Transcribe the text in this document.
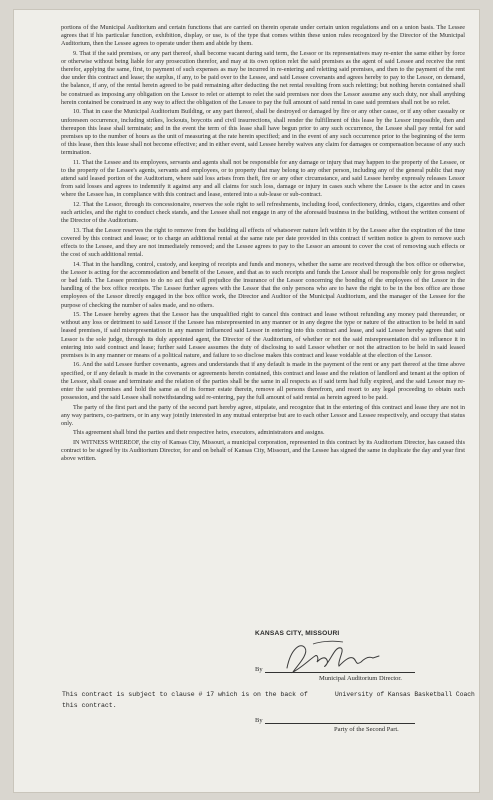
portions of the Municipal Auditorium and certain functions that are carried on therein operate under certain union regulations and on a union basis. The Lessee agrees that if his particular function, exhibition, display, or use, is of the type that comes within these union rules recognized by the Director of the Municipal Auditorium, then the Lessee agrees to operate under them and abide by them.

9. That if the said premises, or any part thereof, shall become vacant during said term, the Lessor or its representatives may re-enter the same either by force or otherwise without being liable for any prosecution therefor, and may at its own option relet the said premises as the agent of said Lessee and receive the rent therefor, applying the same, first, to payment of such expenses as may be incurred in re-entering and reletting said premises, and then to the payment of the rent due under this contract and lease; the surplus, if any, to be paid over to the Lessee, and said Lessee covenants and agrees hereby to pay to the Lessor, on demand, the balance, if any, of the rental herein agreed to be paid remaining after deducting the net rental resulting from such reletting; but nothing herein contained shall be construed as imposing any obligation on the Lessor to relet or attempt to relet the said premises nor does the Lessor assume any such duty, nor shall anything herein contained be construed in any way to affect the obligation of the Lessee to pay the full amount of said rental in case said premises shall not be so relet.

10. That in case the Municipal Auditorium Building, or any part thereof, shall be destroyed or damaged by fire or any other cause, or if any other casualty or unforeseen occurrence, including strikes, lockouts, boycotts and civil insurrections, shall render the fulfillment of this lease by the Lessor impossible, then and thereupon this lease shall terminate; and in the event the term of this lease shall have begun prior to any such occurrence, the Lessee shall pay rental for said premises up to the number of hours as the unit of measuring at the rate herein specified; and in the event of any such occurrence prior to the beginning of the term of this lease, then this lease shall not become effective; and in either event, said Lessee hereby waives any claim for damages or compensation because of any such termination.

11. That the Lessee and its employees, servants and agents shall not be responsible for any damage or injury that may happen to the property of the Lessee, or to the property of the Lessee's agents, servants and employees, or to property that may belong to any other person, including any of the general public that may attend said leased portion of the Auditorium, where said loss arises from theft, fire or any other circumstance, and said Lessee hereby expressly releases Lessor from said losses and agrees to indemnify it against any and all claims for such loss, damage or injury in cases such where the Lessee is the actor and in cases where the Lessee has, in compliance with this contract and lease, entered into a sub-lease or sub-contract.

12. That the Lessor, through its concessionaire, reserves the sole right to sell refreshments, including food, confectionery, drinks, cigars, cigarettes and other such articles, and the right to conduct check stands, and the Lessee shall not engage in any of the aforesaid business in the building, without the written consent of the Director of the Auditorium.

13. That the Lessor reserves the right to remove from the building all effects of whatsoever nature left within it by the Lessee after the expiration of the time covered by this contract and lease; or to charge an additional rental at the same rate per date provided in this contract if written notice is given to remove such effects to the Lessee, and they are not immediately removed; and the Lessee agrees to pay to the Lessor an amount to cover the cost of removing such effects or the cost of such additional rental.

14. That in the handling, control, custody, and keeping of receipts and funds and moneys, whether the same are received through the box office or otherwise, the Lessor is acting for the accommodation and benefit of the Lessee, and that as to such receipts and funds the Lessor shall be responsible only for gross neglect or bad faith. The Lessee promises to do no act that will prejudice the insurance of the Lessor concerning the bonding of the employees of the Lessor in the handling of the box office receipts. The Lessee further agrees with the Lessor that the only persons who are to have the right to be in the box office are those employees of the Lessor directly engaged in the box office work, the Director and Auditor of the Municipal Auditorium, and the manager of the Lessee for the purpose of checking the number of sales made, and no others.

15. The Lessee hereby agrees that the Lessor has the unqualified right to cancel this contract and lease without refunding any money paid thereunder, or without any loss or detriment to said Lessor if the Lessee has misrepresented in any manner or in any degree the type or nature of the attraction to be held in said leased premises, if said misrepresentation in any manner influenced said Lessor in entering into this contract and lease, and said Lessee hereby agrees that said Lessor is the sole judge, through its duly appointed agent, the Director of the Auditorium, of whether or not the said misrepresentation did so influence it in entering into said contract and lease; further said Lessee assumes the duty of disclosing to said Lessor whether or not the attraction to be held in said leased premises is in any manner or means of a political nature, and failure to so disclose makes this contract and lease voidable at the election of the Lessor.

16. And the said Lessee further covenants, agrees and understands that if any default is made in the payment of the rent or any part thereof at the time above specified, or if any default is made in the covenants or agreements herein contained, this contract and lease and the relation of landlord and tenant at the option of the Lessor, shall cease and terminate and the relation of the parties shall be the same in all respects as if said term had fully expired, and the said Lessor may re-enter the said premises and hold the same as of its former estate therein, remove all persons therefrom, and resort to any legal proceeding to obtain such possession, and the said Lessee shall notwithstanding said re-entering, pay the full amount of said rental as herein agreed to be paid.

The party of the first part and the party of the second part hereby agree, stipulate, and recognize that in the entering of this contract and lease they are not in any way partners, co-partners, or in any way jointly interested in any mutual enterprise but are to each other Lessor and Lessee respectively, and occupy that status only.

This agreement shall bind the parties and their respective heirs, executors, administrators and assigns.

IN WITNESS WHEREOF, the city of Kansas City, Missouri, a municipal corporation, represented in this contract by its Auditorium Director, has caused this contract to be signed by its Auditorium Director, for and on behalf of Kansas City, Missouri, and the Lessee has signed the same in duplicate the day and year first above written.

KANSAS CITY, MISSOURI
By
Municipal Auditorium Director.
This contract is subject to clause # 17 which is on the back of this contract.
University of Kansas Basketball Coach
By
Party of the Second Part.
